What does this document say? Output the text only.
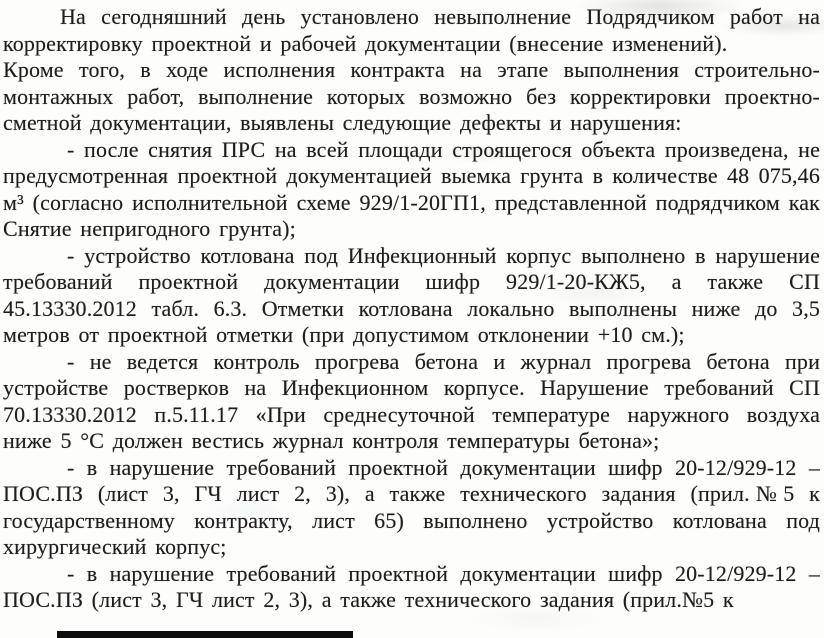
На сегодняшний день установлено невыполнение Подрядчиком работ на корректировку проектной и рабочей документации (внесение изменений).

Кроме того, в ходе исполнения контракта на этапе выполнения строительно-монтажных работ, выполнение которых возможно без корректировки проектно-сметной документации, выявлены следующие дефекты и нарушения:

- после снятия ПРС на всей площади строящегося объекта произведена, не предусмотренная проектной документацией выемка грунта в количестве 48 075,46 м³ (согласно исполнительной схеме 929/1-20ГП1, представленной подрядчиком как Снятие непригодного грунта);

- устройство котлована под Инфекционный корпус выполнено в нарушение требований проектной документации шифр 929/1-20-КЖ5, а также СП 45.13330.2012 табл. 6.3. Отметки котлована локально выполнены ниже до 3,5 метров от проектной отметки (при допустимом отклонении +10 см.);

- не ведется контроль прогрева бетона и журнал прогрева бетона при устройстве ростверков на Инфекционном корпусе. Нарушение требований СП 70.13330.2012 п.5.11.17 «При среднесуточной температуре наружного воздуха ниже 5 °С должен вестись журнал контроля температуры бетона»;

- в нарушение требований проектной документации шифр 20-12/929-12 – ПОС.ПЗ (лист 3, ГЧ лист 2, 3), а также технического задания (прил.№5 к государственному контракту, лист 65) выполнено устройство котлована под хирургический корпус;

- в нарушение требований проектной документации шифр 20-12/929-12 – ПОС.ПЗ (лист 3, ГЧ лист 2, 3), а также технического задания (прил.№5 к
